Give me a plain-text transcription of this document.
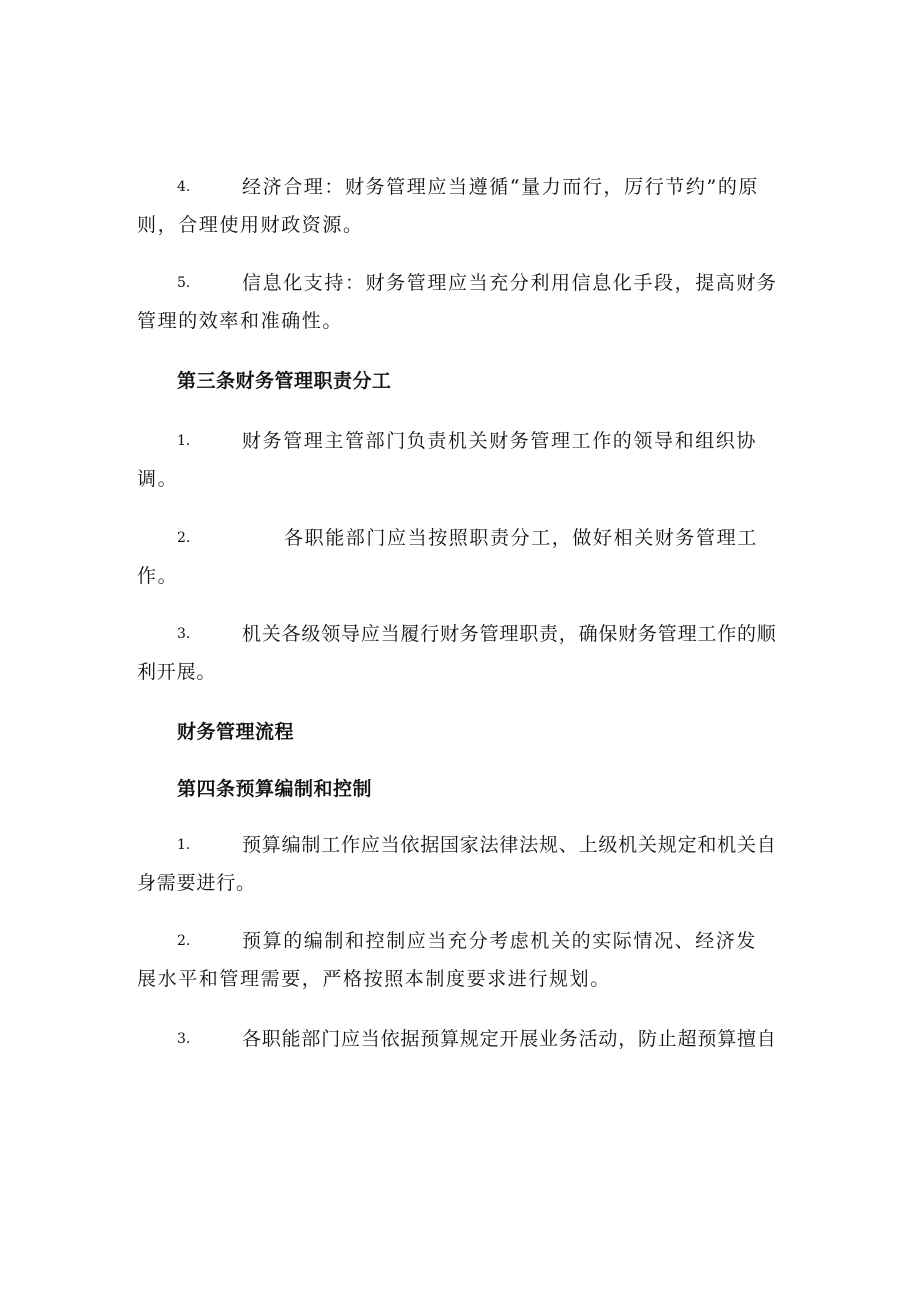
4.	经济合理：财务管理应当遵循“量力而行，厉行节约”的原
则，合理使用财政资源。
5.	信息化支持：财务管理应当充分利用信息化手段，提高财务
管理的效率和准确性。
第三条财务管理职责分工
1.	财务管理主管部门负责机关财务管理工作的领导和组织协
调。
2.	各职能部门应当按照职责分工，做好相关财务管理工
作。
3.	机关各级领导应当履行财务管理职责，确保财务管理工作的顺
利开展。
财务管理流程
第四条预算编制和控制
1.	预算编制工作应当依据国家法律法规、上级机关规定和机关自
身需要进行。
2.	预算的编制和控制应当充分考虑机关的实际情况、经济发
展水平和管理需要，严格按照本制度要求进行规划。
3.	各职能部门应当依据预算规定开展业务活动，防止超预算擅自
